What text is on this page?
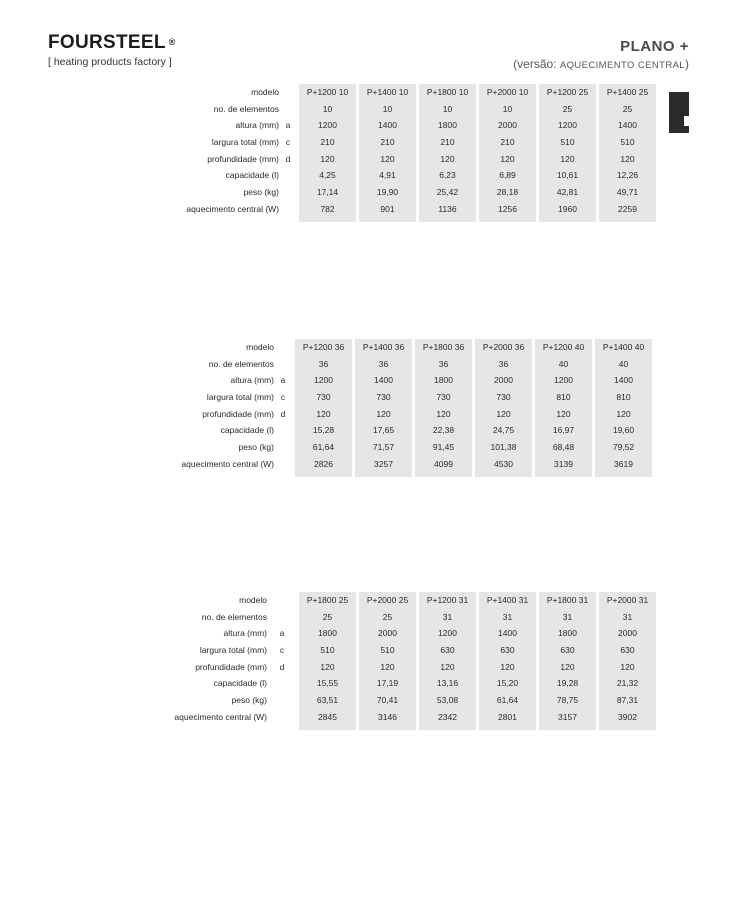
FOURSTEEL ®
[ heating products factory ]
PLANO +
(versão: AQUECIMENTO CENTRAL)
modelo
no. de elementos
altura (mm)
largura total (mm)
profundidade (mm)
capacidade (l)
peso (kg)
aquecimento central (W)
a
c
d
P+1200 10
10
1200
210
120
4,25
17,14
782
P+1400 10
10
1400
210
120
4,91
19,90
901
P+1800 10
10
1800
210
120
6,23
25,42
1136
P+2000 10
10
2000
210
120
6,89
28,18
1256
P+1200 25
25
1200
510
120
10,61
42,81
1960
P+1400 25
25
1400
510
120
12,26
49,71
2259
modelo
no. de elementos
altura (mm)
largura total (mm)
profundidade (mm)
capacidade (l)
peso (kg)
aquecimento central (W)
a
c
d
P+1200 36
36
1200
730
120
15,28
61,64
2826
P+1400 36
36
1400
730
120
17,65
71,57
3257
P+1800 36
36
1800
730
120
22,38
91,45
4099
P+2000 36
36
2000
730
120
24,75
101,38
4530
P+1200 40
40
1200
810
120
16,97
68,48
3139
P+1400 40
40
1400
810
120
19,60
79,52
3619
modelo
no. de elementos
altura (mm)
largura total (mm)
profundidade (mm)
capacidade (l)
peso (kg)
aquecimento central (W)
a
c
d
P+1800 25
25
1800
510
120
15,55
63,51
2845
P+2000 25
25
2000
510
120
17,19
70,41
3146
P+1200 31
31
1200
630
120
13,16
53,08
2342
P+1400 31
31
1400
630
120
15,20
61,64
2801
P+1800 31
31
1800
630
120
19,28
78,75
3157
P+2000 31
31
2000
630
120
21,32
87,31
3902
